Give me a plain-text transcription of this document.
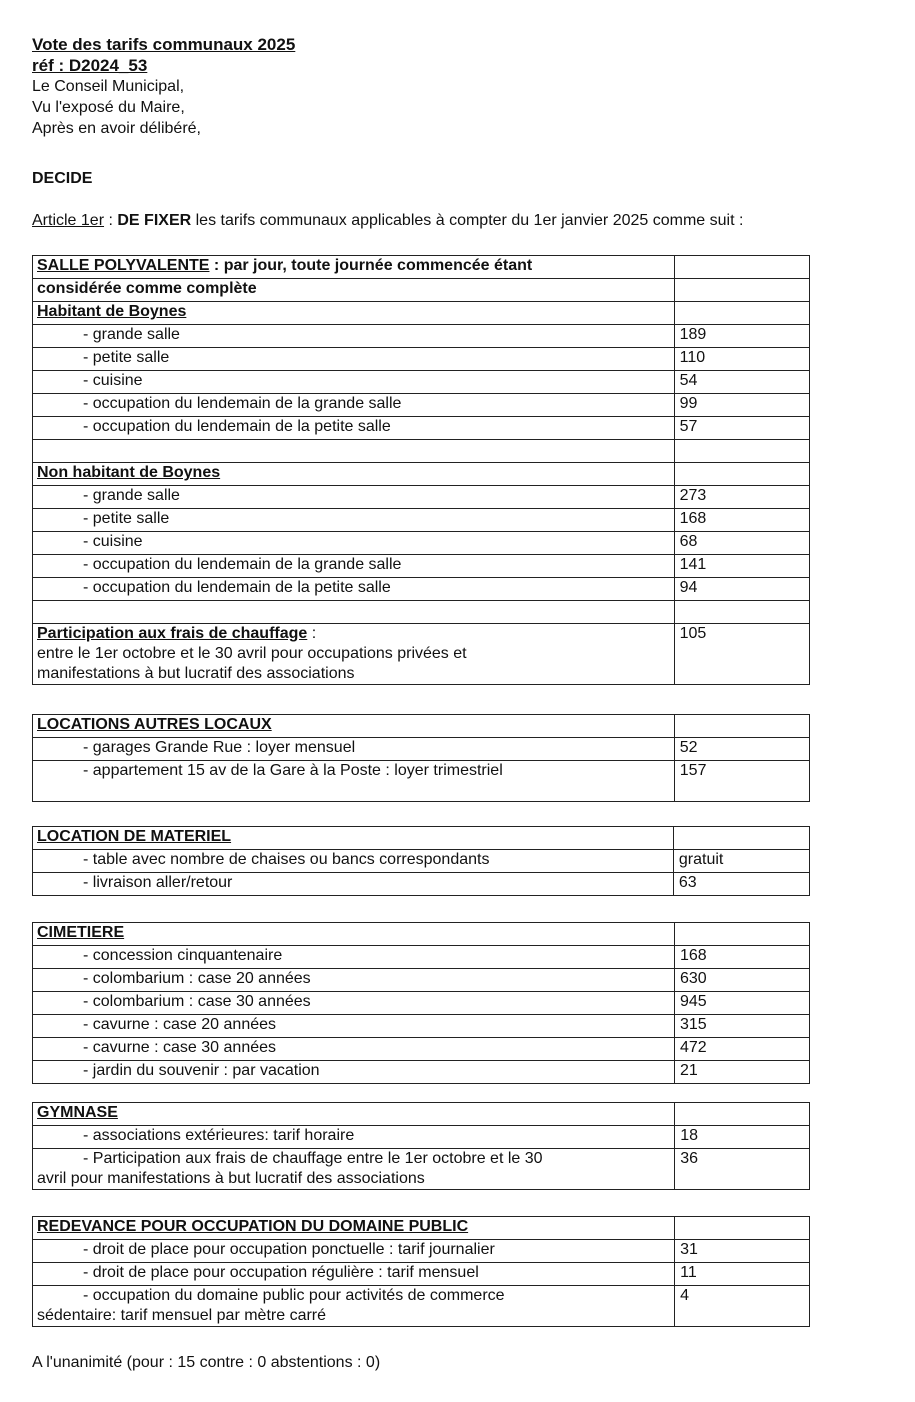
Vote des tarifs communaux 2025
réf : D2024_53
Le Conseil Municipal,
Vu l'exposé du Maire,
Après en avoir délibéré,
DECIDE
Article 1er : DE FIXER les tarifs communaux applicables à compter du 1er janvier 2025 comme suit :
SALLE POLYVALENTE : par jour, toute journée commencée étant	
considérée comme complète	
Habitant de Boynes	
- grande salle	189
- petite salle	110
- cuisine	54
- occupation du lendemain de la grande salle	99
- occupation du lendemain de la petite salle	57

Non habitant de Boynes	
- grande salle	273
- petite salle	168
- cuisine	68
- occupation du lendemain de la grande salle	141
- occupation du lendemain de la petite salle	94

Participation aux frais de chauffage :
entre le 1er octobre et le 30 avril pour occupations privées et
manifestations à but lucratif des associations	105
LOCATIONS AUTRES LOCAUX	
- garages Grande Rue : loyer mensuel	52
- appartement 15 av de la Gare à la Poste : loyer trimestriel	157
LOCATION DE MATERIEL	
- table avec nombre de chaises ou bancs correspondants	gratuit
- livraison aller/retour	63
CIMETIERE	
- concession cinquantenaire	168
- colombarium : case 20 années	630
- colombarium : case 30 années	945
- cavurne : case 20 années	315
- cavurne : case 30 années	472
- jardin du souvenir : par vacation	21
GYMNASE	
- associations extérieures: tarif horaire	18
- Participation aux frais de chauffage entre le 1er octobre et le 30
avril pour manifestations à but lucratif des associations	36
REDEVANCE POUR OCCUPATION DU DOMAINE PUBLIC	
- droit de place pour occupation ponctuelle : tarif journalier	31
- droit de place pour occupation régulière : tarif mensuel	11
- occupation du domaine public pour activités de commerce
sédentaire: tarif mensuel par mètre carré	4
A l'unanimité (pour : 15 contre : 0 abstentions : 0)
